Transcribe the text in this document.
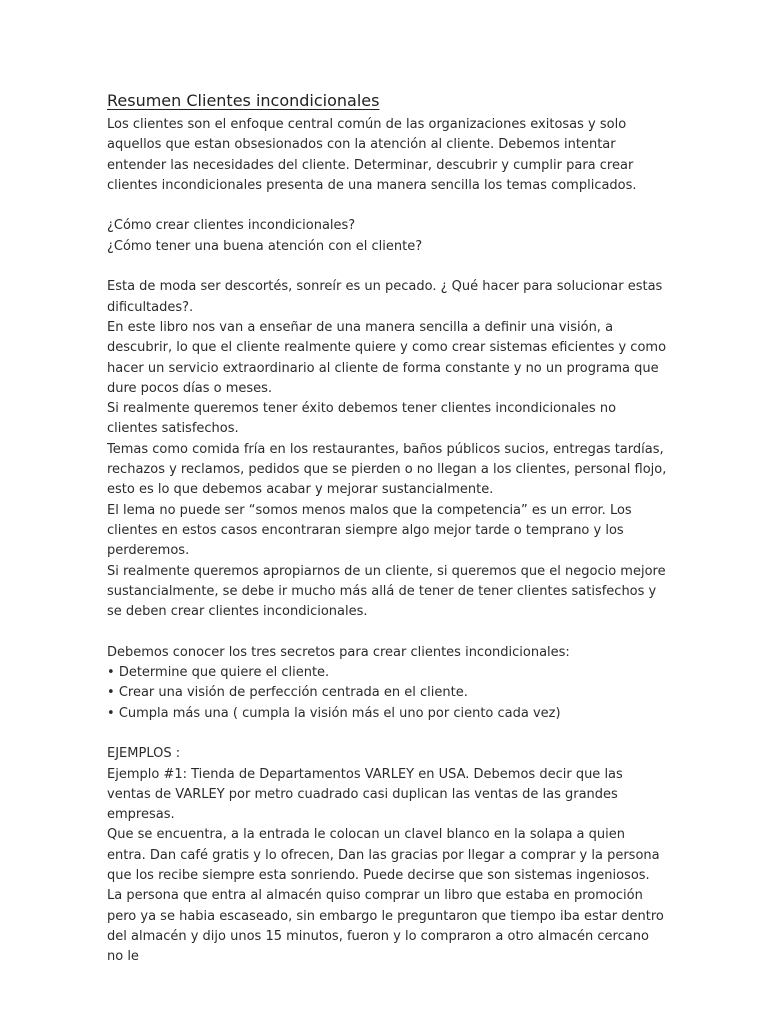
Resumen Clientes incondicionales

Los clientes son el enfoque central común de las organizaciones exitosas y solo aquellos que estan obsesionados con la atención al cliente. Debemos intentar entender las necesidades del cliente. Determinar, descubrir y cumplir para crear clientes incondicionales presenta de una manera sencilla los temas complicados.

¿Cómo crear clientes incondicionales?

¿Cómo tener una buena atención con el cliente?

Esta de moda ser descortés, sonreír es un pecado. ¿ Qué hacer para solucionar estas dificultades?.

En este libro nos van a enseñar de una manera sencilla a definir una visión, a descubrir, lo que el cliente realmente quiere y como crear sistemas eficientes y como hacer un servicio extraordinario al cliente de forma constante y no un programa que dure pocos días o meses.

Si realmente queremos tener éxito debemos tener clientes incondicionales no clientes satisfechos.

Temas como comida fría en los restaurantes, baños públicos sucios, entregas tardías, rechazos y reclamos, pedidos que se pierden o no llegan a los clientes, personal flojo, esto es lo que debemos acabar y mejorar sustancialmente.

El lema no puede ser “somos menos malos que la competencia” es un error. Los clientes en estos casos encontraran siempre algo mejor tarde o temprano y los perderemos.

Si realmente queremos apropiarnos de un cliente, si queremos que el negocio mejore sustancialmente, se debe ir mucho más allá de tener de tener clientes satisfechos y se deben crear clientes incondicionales.

Debemos conocer los tres secretos para crear clientes incondicionales:

• Determine que quiere el cliente.
• Crear una visión de perfección centrada en el cliente.
• Cumpla más una ( cumpla la visión más el uno por ciento cada vez)

EJEMPLOS :

Ejemplo #1: Tienda de Departamentos VARLEY en USA. Debemos decir que las ventas de VARLEY por metro cuadrado casi duplican las ventas de las grandes empresas.

Que se encuentra, a la entrada le colocan un clavel blanco en la solapa a quien entra. Dan café gratis y lo ofrecen, Dan las gracias por llegar a comprar y la persona que los recibe siempre esta sonriendo. Puede decirse que son sistemas ingeniosos.

La persona que entra al almacén quiso comprar un libro que estaba en promoción pero ya se habia escaseado, sin embargo le preguntaron que tiempo iba estar dentro del almacén y dijo unos 15 minutos, fueron y lo compraron a otro almacén cercano no le
